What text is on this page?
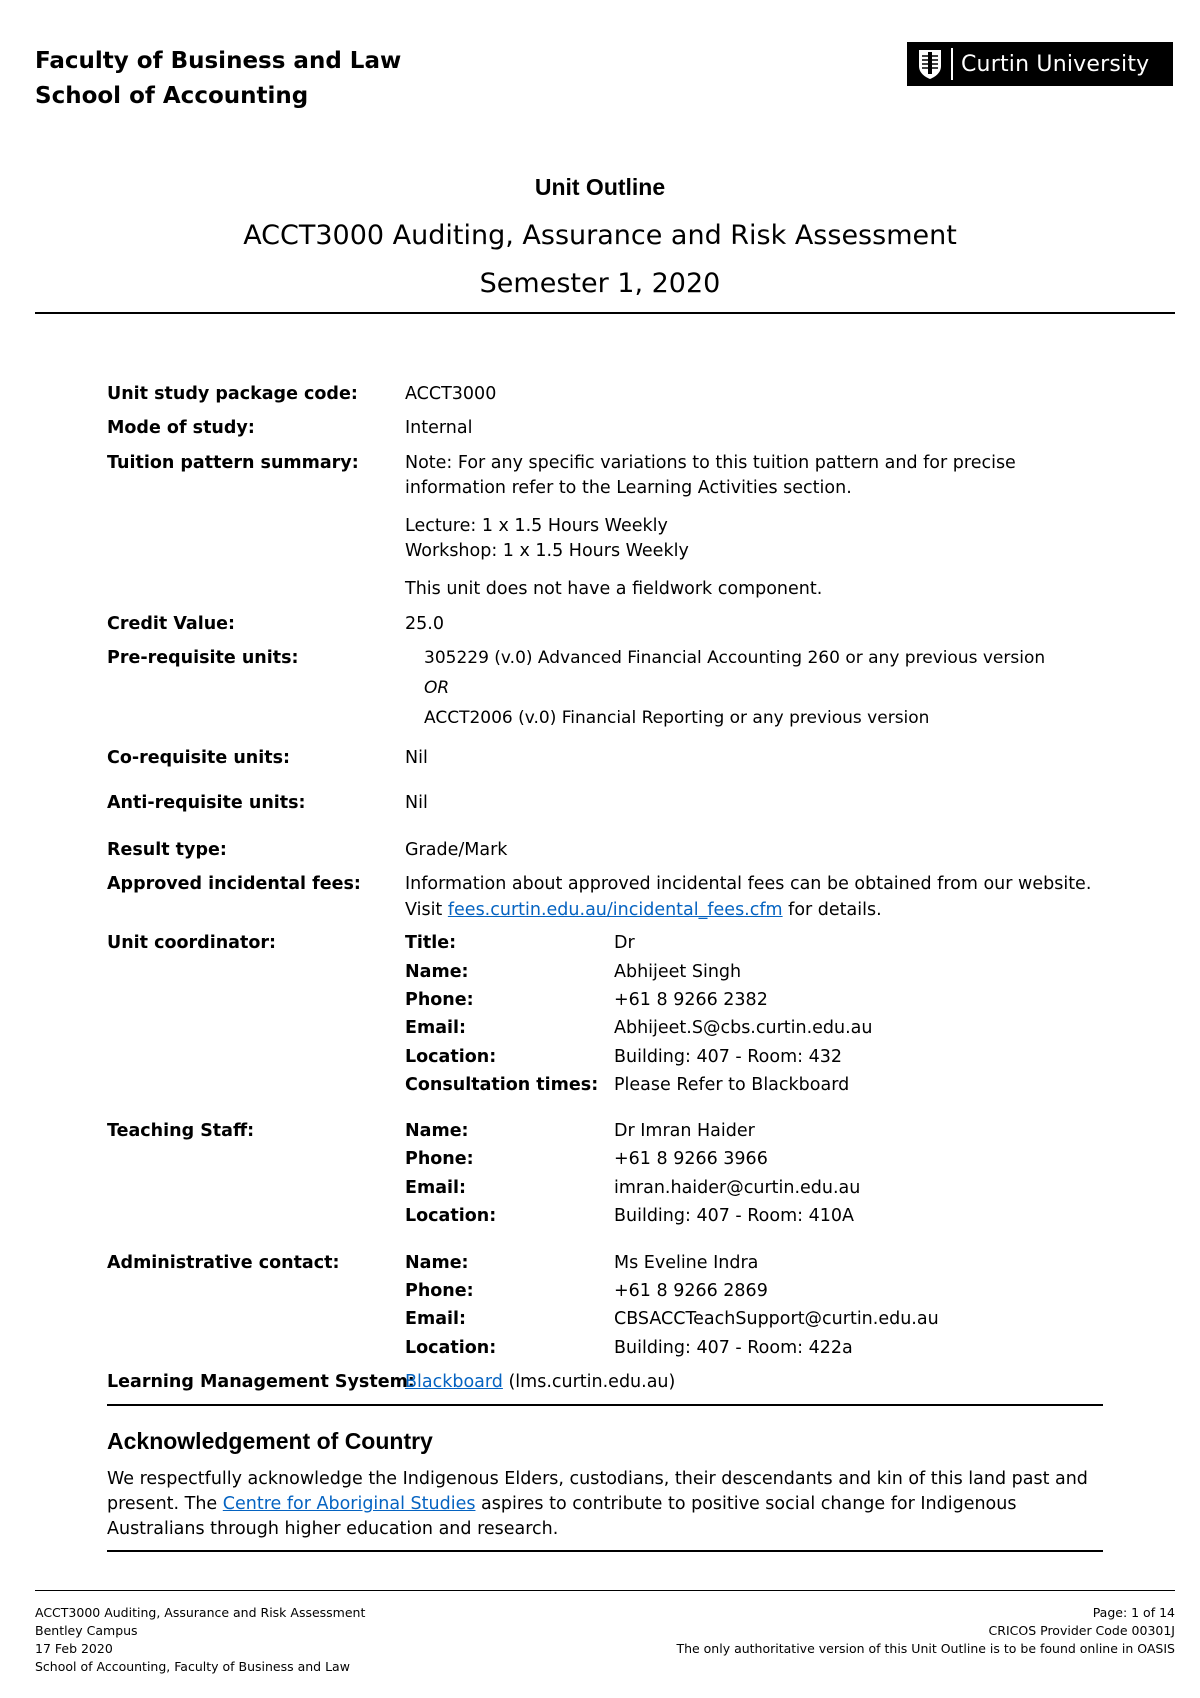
Faculty of Business and Law
School of Accounting
Curtin University
Unit Outline
ACCT3000 Auditing, Assurance and Risk Assessment
Semester 1, 2020
Unit study package code:	ACCT3000
Mode of study:	Internal
Tuition pattern summary:	Note: For any specific variations to this tuition pattern and for precise
information refer to the Learning Activities section.
Lecture: 1 x 1.5 Hours Weekly
Workshop: 1 x 1.5 Hours Weekly
This unit does not have a fieldwork component.
Credit Value:	25.0
Pre-requisite units:	305229 (v.0) Advanced Financial Accounting 260 or any previous version
OR
ACCT2006 (v.0) Financial Reporting or any previous version
Co-requisite units:	Nil
Anti-requisite units:	Nil
Result type:	Grade/Mark
Approved incidental fees:	Information about approved incidental fees can be obtained from our website.
Visit fees.curtin.edu.au/incidental_fees.cfm for details.
Unit coordinator:	Title:	Dr
Name:	Abhijeet Singh
Phone:	+61 8 9266 2382
Email:	Abhijeet.S@cbs.curtin.edu.au
Location:	Building: 407 - Room: 432
Consultation times: Please Refer to Blackboard
Teaching Staff:	Name:	Dr Imran Haider
Phone:	+61 8 9266 3966
Email:	imran.haider@curtin.edu.au
Location:	Building: 407 - Room: 410A
Administrative contact:	Name:	Ms Eveline Indra
Phone:	+61 8 9266 2869
Email:	CBSACCTeachSupport@curtin.edu.au
Location:	Building: 407 - Room: 422a
Learning Management System:
Blackboard (lms.curtin.edu.au)
Acknowledgement of Country
We respectfully acknowledge the Indigenous Elders, custodians, their descendants and kin of this land past and present. The Centre for Aboriginal Studies aspires to contribute to positive social change for Indigenous Australians through higher education and research.
ACCT3000 Auditing, Assurance and Risk Assessment
Bentley Campus
17 Feb 2020
School of Accounting, Faculty of Business and Law
Page: 1 of 14
CRICOS Provider Code 00301J
The only authoritative version of this Unit Outline is to be found online in OASIS
